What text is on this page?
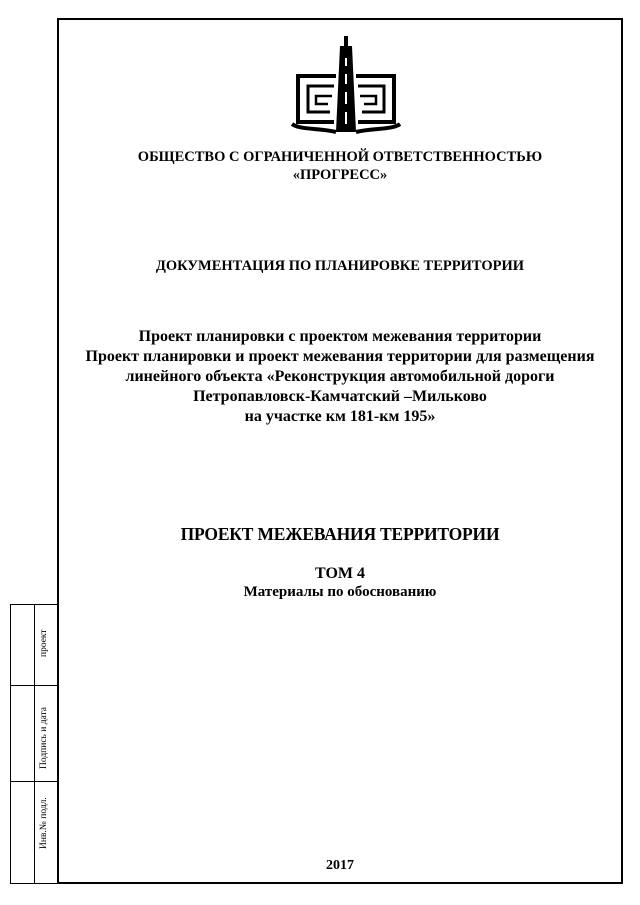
проект
Подпись и дата
Инв.№ подл.
ОБЩЕСТВО С ОГРАНИЧЕННОЙ ОТВЕТСТВЕННОСТЬЮ
«ПРОГРЕСС»
ДОКУМЕНТАЦИЯ ПО ПЛАНИРОВКЕ ТЕРРИТОРИИ
Проект планировки с проектом межевания территории
Проект планировки и проект межевания территории для размещения
линейного объекта «Реконструкция автомобильной дороги
Петропавловск-Камчатский –Мильково
на участке км 181-км 195»
ПРОЕКТ МЕЖЕВАНИЯ ТЕРРИТОРИИ
ТОМ 4
Материалы по обоснованию
2017
